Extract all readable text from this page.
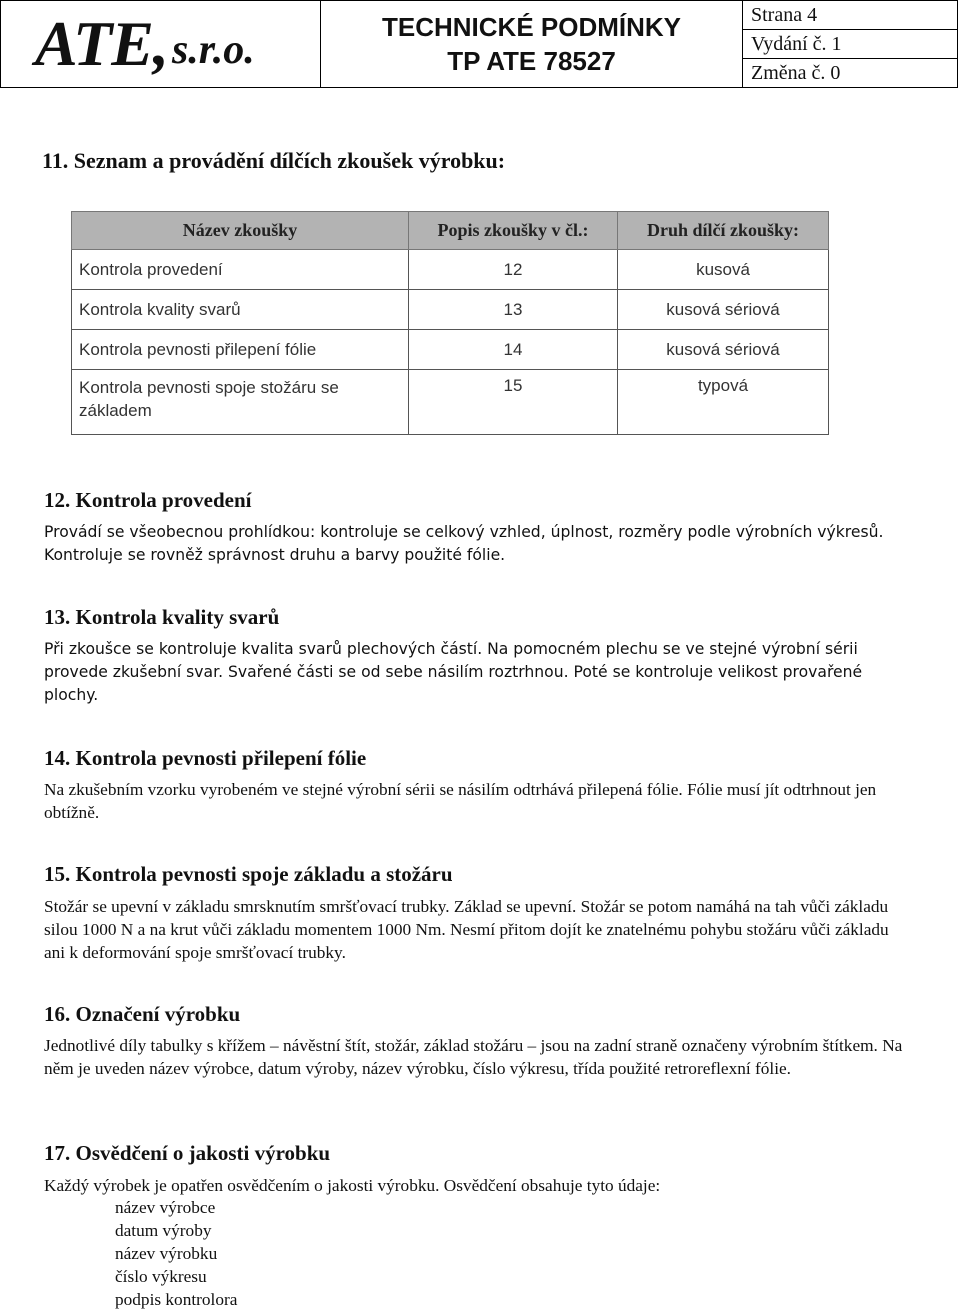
ATE, s.r.o.	TECHNICKÉ PODMÍNKY
TP ATE 78527
Strana 4
Vydání č. 1
Změna č. 0
11. Seznam a provádění dílčích zkoušek výrobku:
Název zkoušky	Popis zkoušky v čl.:	Druh dílčí zkoušky:
Kontrola provedení	12	kusová
Kontrola kvality svarů	13	kusová sériová
Kontrola pevnosti přilepení fólie	14	kusová sériová
Kontrola pevnosti spoje stožáru se základem	15	typová
12. Kontrola provedení

Provádí se všeobecnou prohlídkou: kontroluje se celkový vzhled, úplnost, rozměry podle výrobních výkresů. Kontroluje se rovněž správnost druhu a barvy použité fólie.

13. Kontrola kvality svarů

Při zkoušce se kontroluje kvalita svarů plechových částí. Na pomocném plechu se ve stejné výrobní sérii provede zkušební svar. Svařené části se od sebe násilím roztrhnou. Poté se kontroluje velikost provařené plochy.

14. Kontrola pevnosti přilepení fólie

Na zkušebním vzorku vyrobeném ve stejné výrobní sérii se násilím odtrhává přilepená fólie. Fólie musí jít odtrhnout jen obtížně.

15. Kontrola pevnosti spoje základu a stožáru

Stožár se upevní v základu smrsknutím smršťovací trubky. Základ se upevní. Stožár se potom namáhá na tah vůči základu silou 1000 N a na krut vůči základu momentem 1000 Nm. Nesmí přitom dojít ke znatelnému pohybu stožáru vůči základu ani k deformování spoje smršťovací trubky.

16. Označení výrobku

Jednotlivé díly tabulky s křížem – návěstní štít, stožár, základ stožáru – jsou na zadní straně označeny výrobním štítkem. Na něm je uveden název výrobce, datum výroby, název výrobku, číslo výkresu, třída použité retroreflexní fólie.

17. Osvědčení o jakosti výrobku

Každý výrobek je opatřen osvědčením o jakosti výrobku. Osvědčení obsahuje tyto údaje:

název výrobce
datum výroby
název výrobku
číslo výkresu
podpis kontrolora
